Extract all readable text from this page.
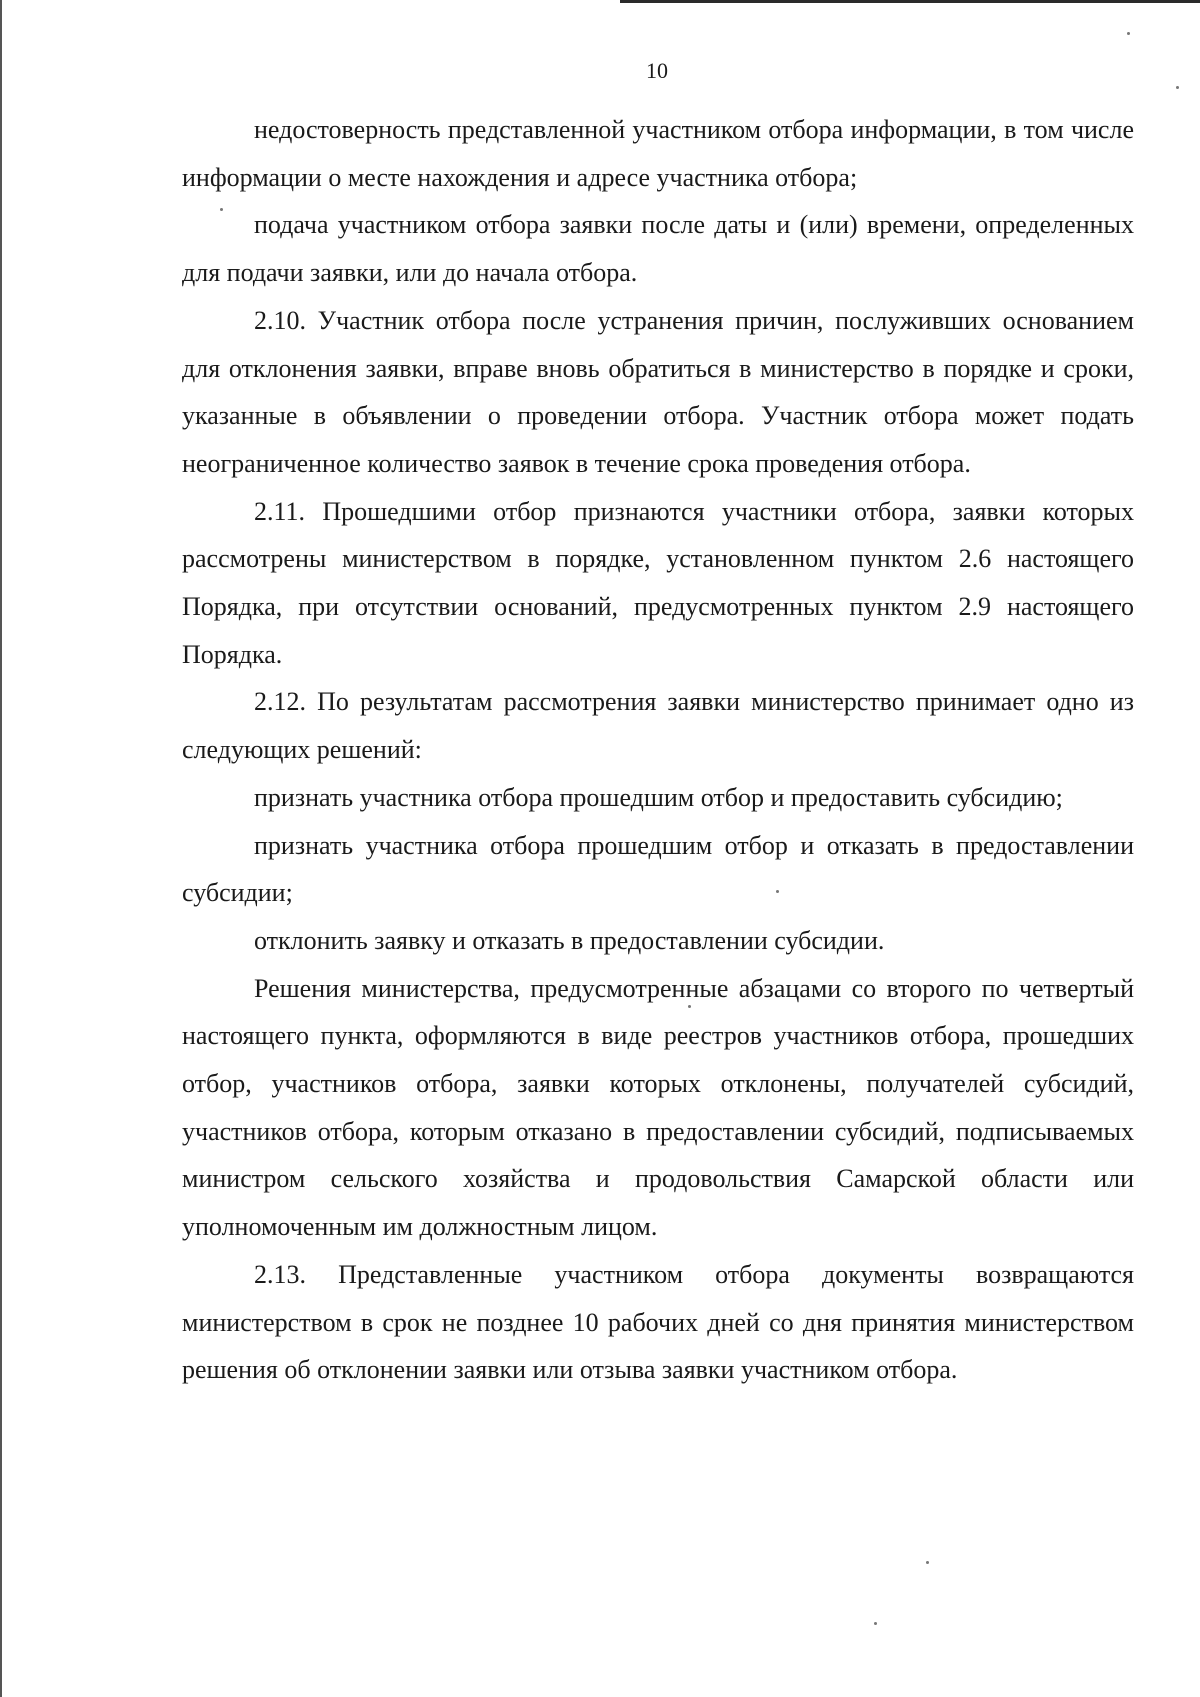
10

недостоверность представленной участником отбора информации, в том числе информации о месте нахождения и адресе участника отбора;

подача участником отбора заявки после даты и (или) времени, определенных для подачи заявки, или до начала отбора.

2.10. Участник отбора после устранения причин, послуживших основанием для отклонения заявки, вправе вновь обратиться в министерство в порядке и сроки, указанные в объявлении о проведении отбора. Участник отбора может подать неограниченное количество заявок в течение срока проведения отбора.

2.11. Прошедшими отбор признаются участники отбора, заявки которых рассмотрены министерством в порядке, установленном пунктом 2.6 настоящего Порядка, при отсутствии оснований, предусмотренных пунктом 2.9 настоящего Порядка.

2.12. По результатам рассмотрения заявки министерство принимает одно из следующих решений:

признать участника отбора прошедшим отбор и предоставить субсидию;

признать участника отбора прошедшим отбор и отказать в предоставлении субсидии;

отклонить заявку и отказать в предоставлении субсидии.

Решения министерства, предусмотренные абзацами со второго по четвертый настоящего пункта, оформляются в виде реестров участников отбора, прошедших отбор, участников отбора, заявки которых отклонены, получателей субсидий, участников отбора, которым отказано в предоставлении субсидий, подписываемых министром сельского хозяйства и продовольствия Самарской области или уполномоченным им должностным лицом.

2.13. Представленные участником отбора документы возвращаются министерством в срок не позднее 10 рабочих дней со дня принятия министерством решения об отклонении заявки или отзыва заявки участником отбора.
